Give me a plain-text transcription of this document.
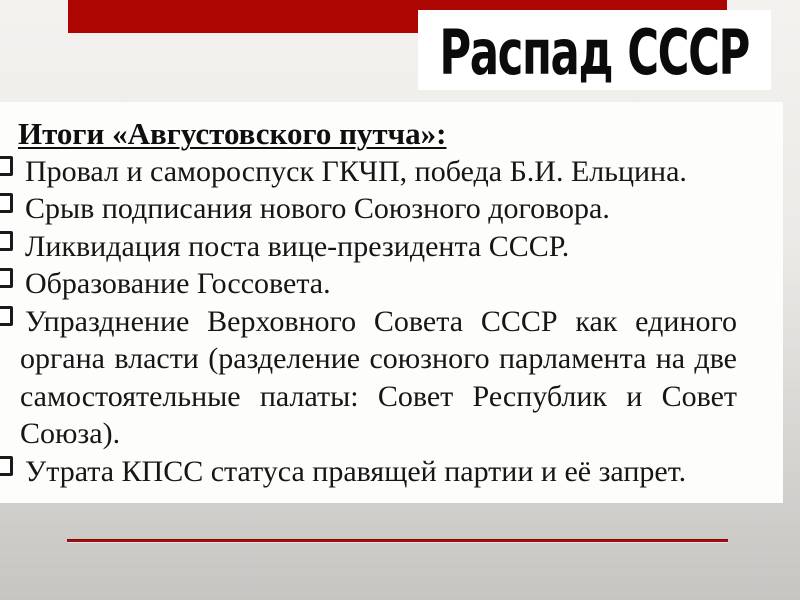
Распад СССР
Итоги «Августовского путча»:
Провал и самороспуск ГКЧП, победа Б.И. Ельцина.
Срыв подписания нового Союзного договора.
Ликвидация поста вице-президента СССР.
Образование Госсовета.
Упразднение Верховного Совета СССР как единого органа власти (разделение союзного парламента на две самостоятельные палаты: Совет Республик и Совет Союза).
Утрата КПСС статуса правящей партии и её запрет.
